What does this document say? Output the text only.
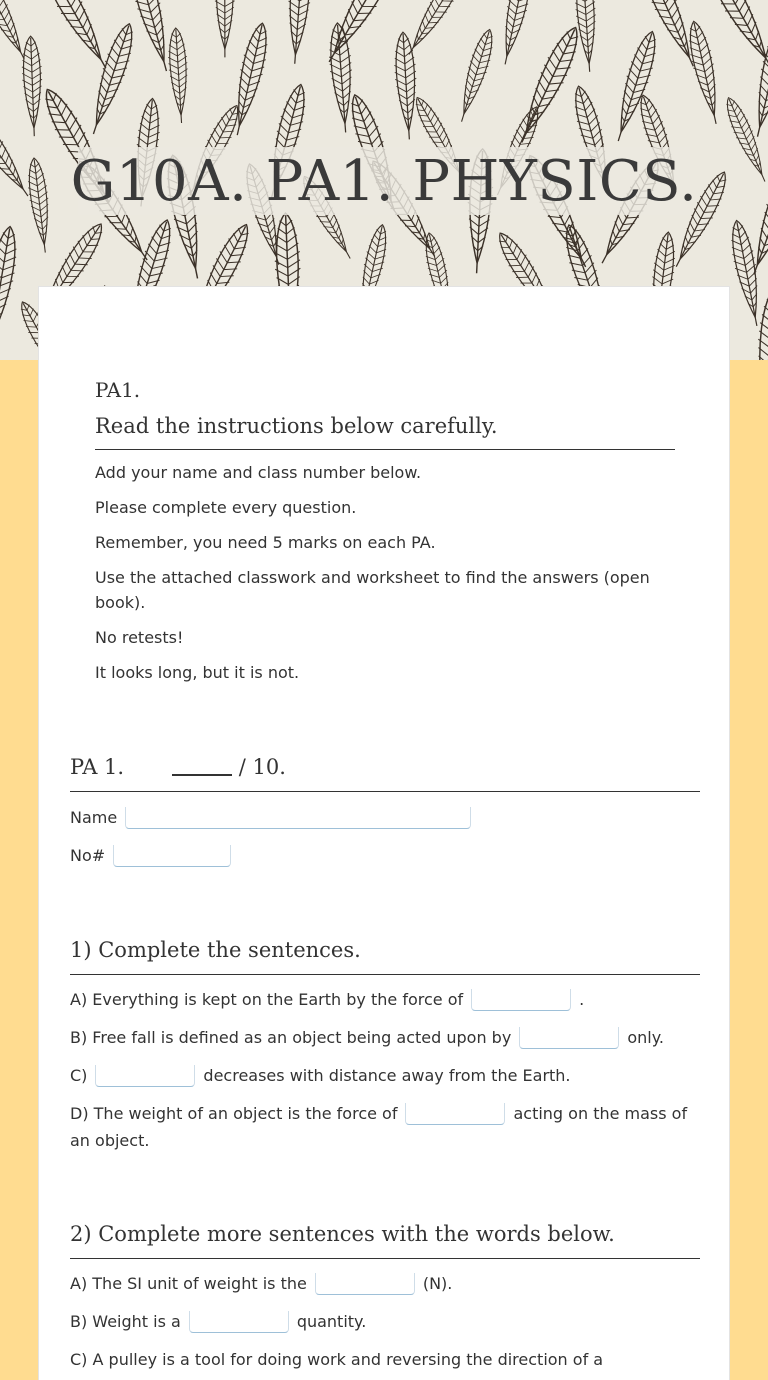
G10A. PA1. PHYSICS.
PA1.
Read the instructions below carefully.
Add your name and class number below.
Please complete every question.
Remember, you need 5 marks on each PA.
Use the attached classwork and worksheet to find the answers (open book).
No retests!
It looks long, but it is not.
PA 1.	/ 10.
Name
No#
1) Complete the sentences.
A) Everything is kept on the Earth by the force of	.
B) Free fall is defined as an object being acted upon by	only.
C)	decreases with distance away from the Earth.
D) The weight of an object is the force of	acting on the mass of an object.
2) Complete more sentences with the words below.
A) The SI unit of weight is the	(N).
B) Weight is a	quantity.
C) A pulley is a tool for doing work and reversing the direction of a
